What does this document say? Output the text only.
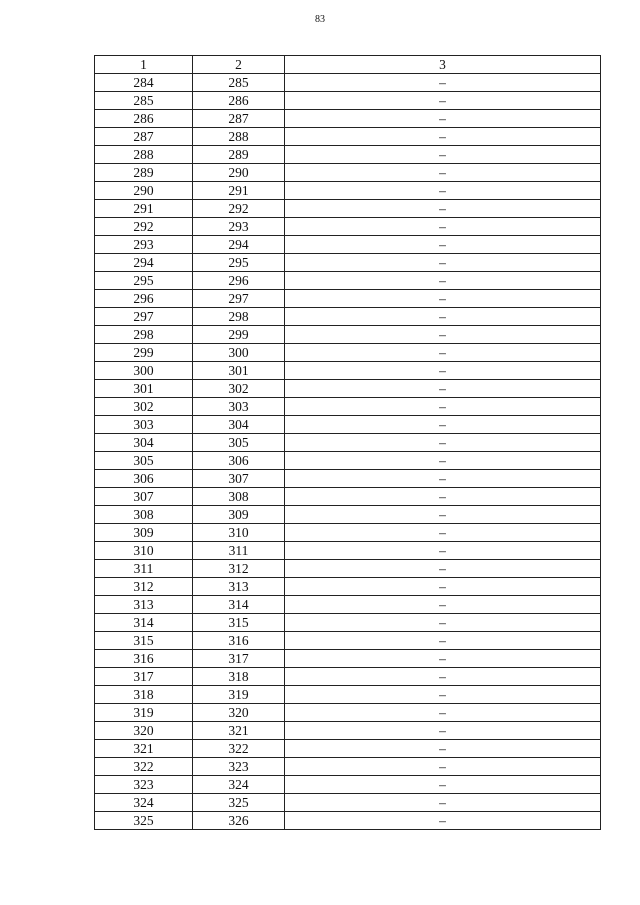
83
1	2	3
284	285	–
285	286	–
286	287	–
287	288	–
288	289	–
289	290	–
290	291	–
291	292	–
292	293	–
293	294	–
294	295	–
295	296	–
296	297	–
297	298	–
298	299	–
299	300	–
300	301	–
301	302	–
302	303	–
303	304	–
304	305	–
305	306	–
306	307	–
307	308	–
308	309	–
309	310	–
310	311	–
311	312	–
312	313	–
313	314	–
314	315	–
315	316	–
316	317	–
317	318	–
318	319	–
319	320	–
320	321	–
321	322	–
322	323	–
323	324	–
324	325	–
325	326	–
